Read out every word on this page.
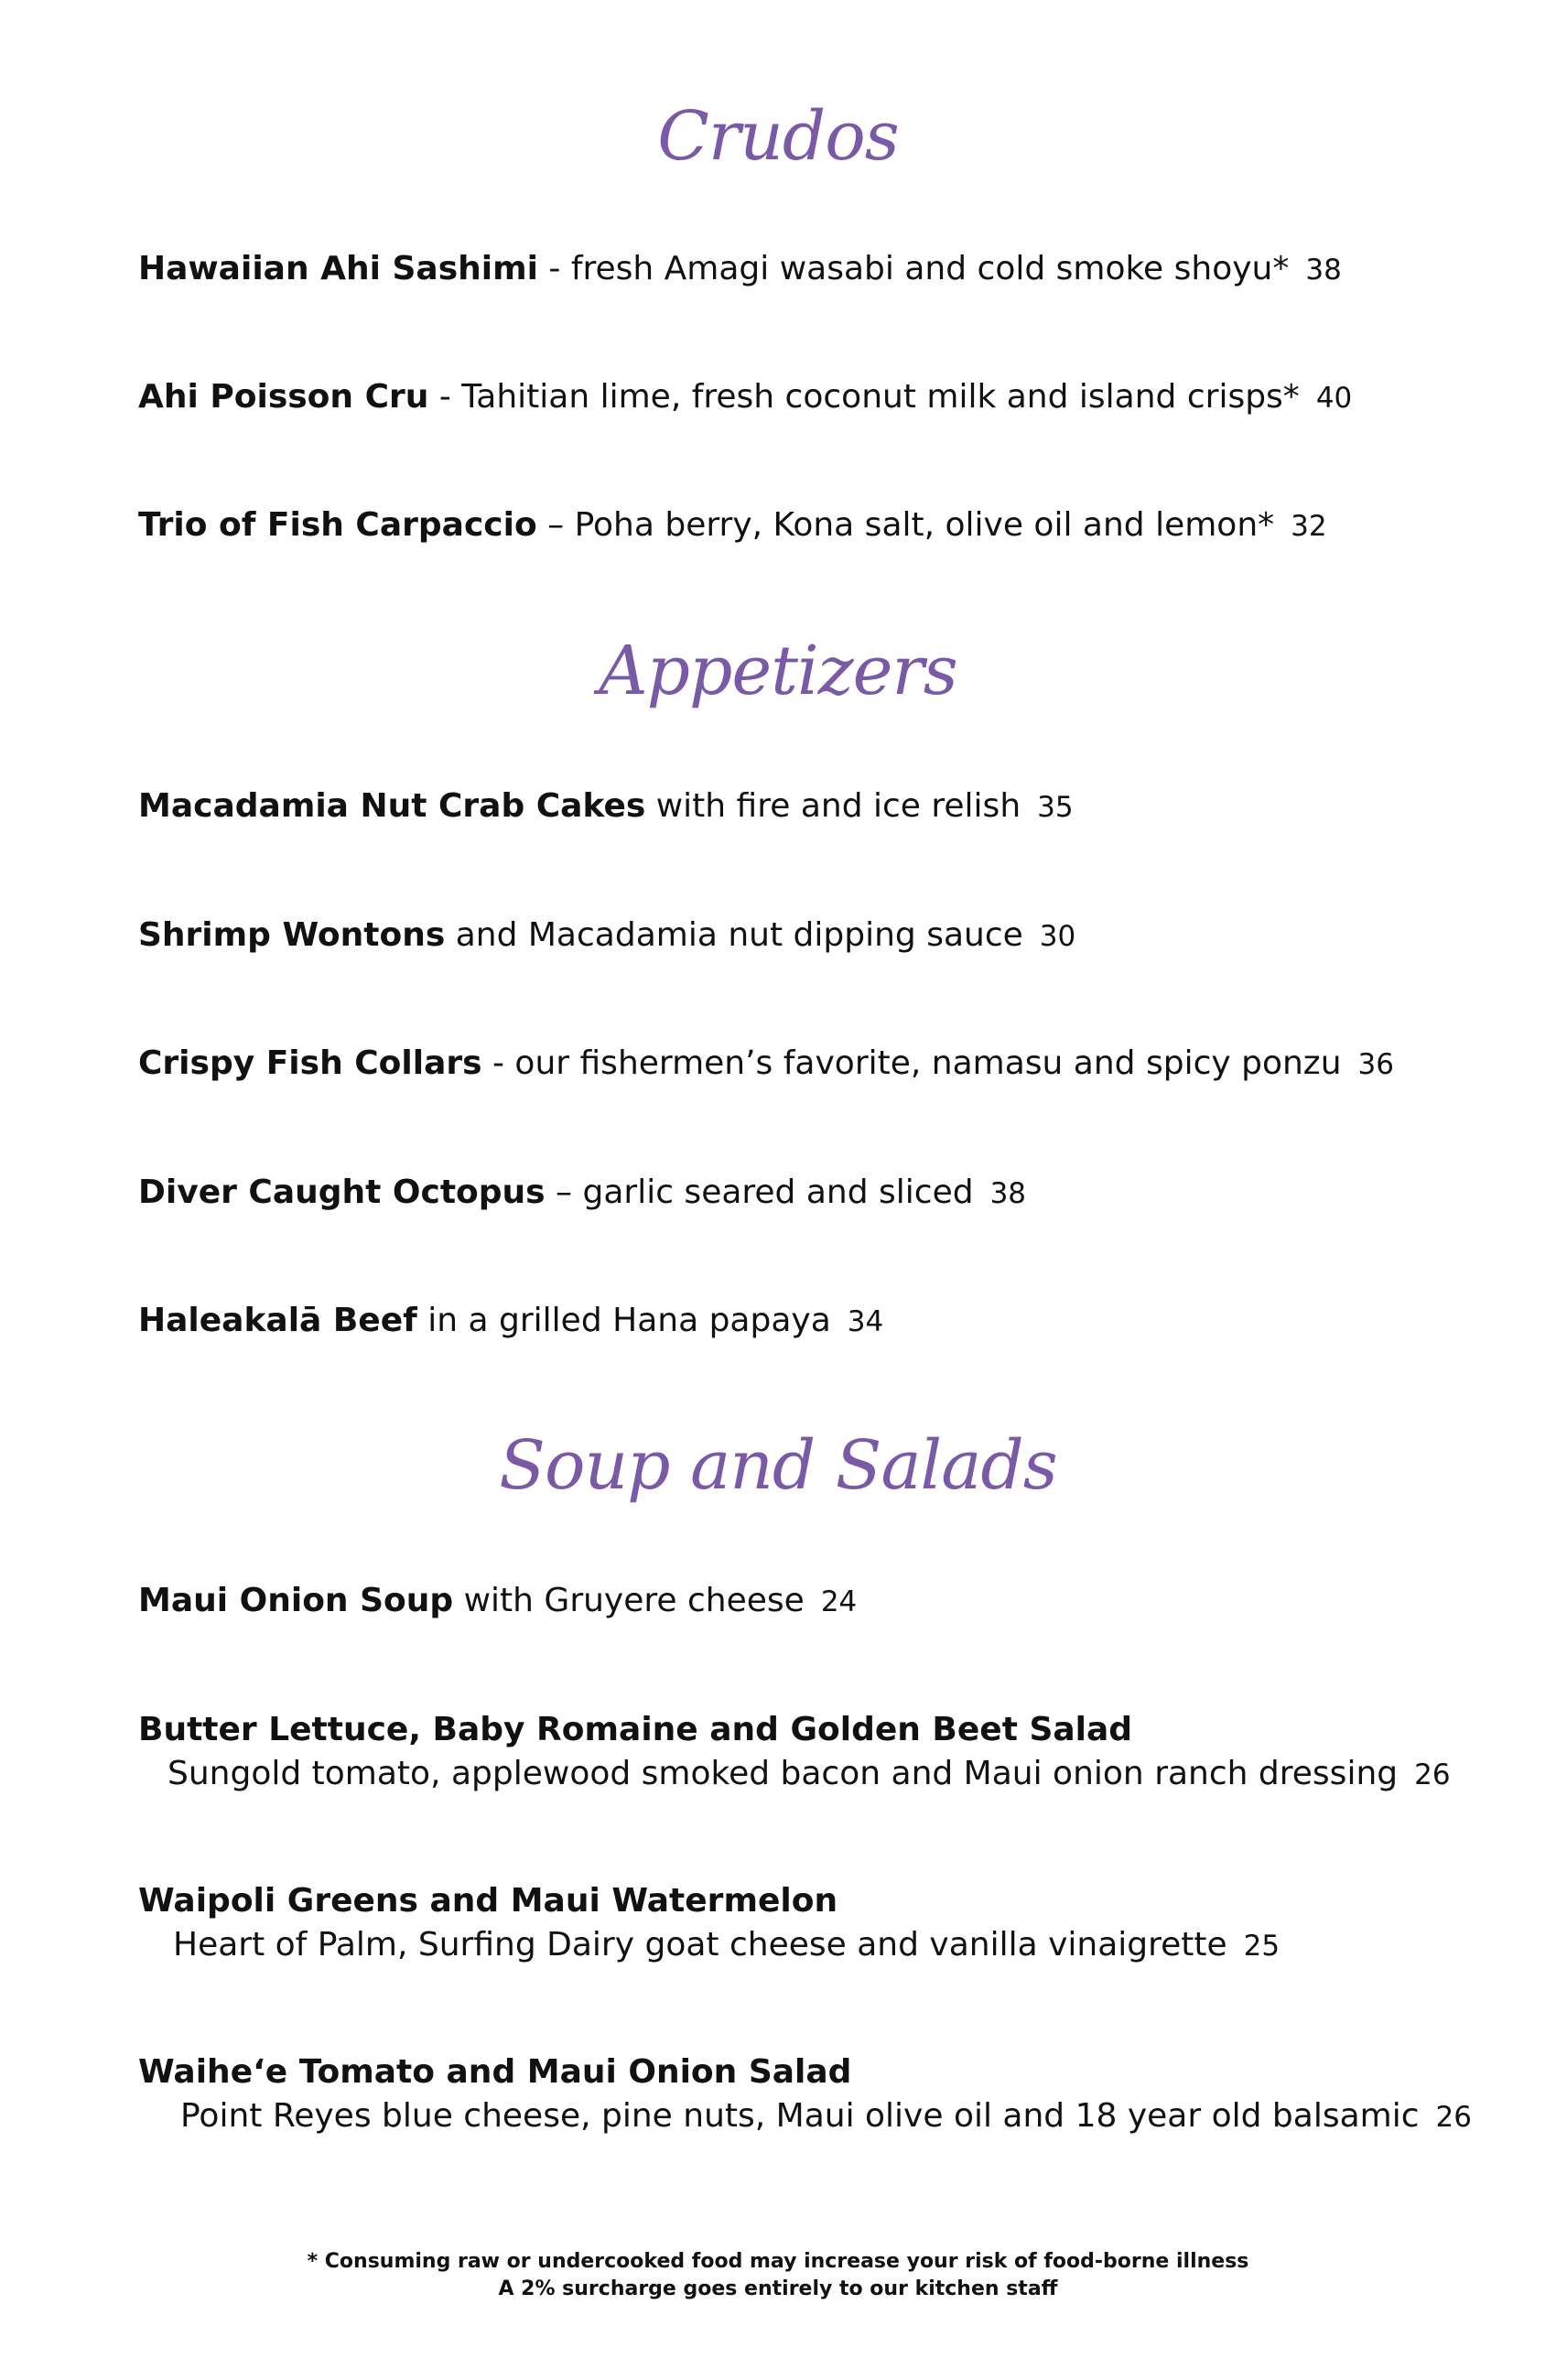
Crudos
Hawaiian Ahi Sashimi - fresh Amagi wasabi and cold smoke shoyu* 38
Ahi Poisson Cru - Tahitian lime, fresh coconut milk and island crisps* 40
Trio of Fish Carpaccio – Poha berry, Kona salt, olive oil and lemon* 32
Appetizers
Macadamia Nut Crab Cakes with fire and ice relish 35
Shrimp Wontons and Macadamia nut dipping sauce 30
Crispy Fish Collars - our fishermen’s favorite, namasu and spicy ponzu 36
Diver Caught Octopus – garlic seared and sliced 38
Haleakalā Beef in a grilled Hana papaya 34
Soup and Salads
Maui Onion Soup with Gruyere cheese 24
Butter Lettuce, Baby Romaine and Golden Beet Salad
Sungold tomato, applewood smoked bacon and Maui onion ranch dressing 26
Waipoli Greens and Maui Watermelon
Heart of Palm, Surfing Dairy goat cheese and vanilla vinaigrette 25
Waihe‘e Tomato and Maui Onion Salad
Point Reyes blue cheese, pine nuts, Maui olive oil and 18 year old balsamic 26
* Consuming raw or undercooked food may increase your risk of food-borne illness
A 2% surcharge goes entirely to our kitchen staff
